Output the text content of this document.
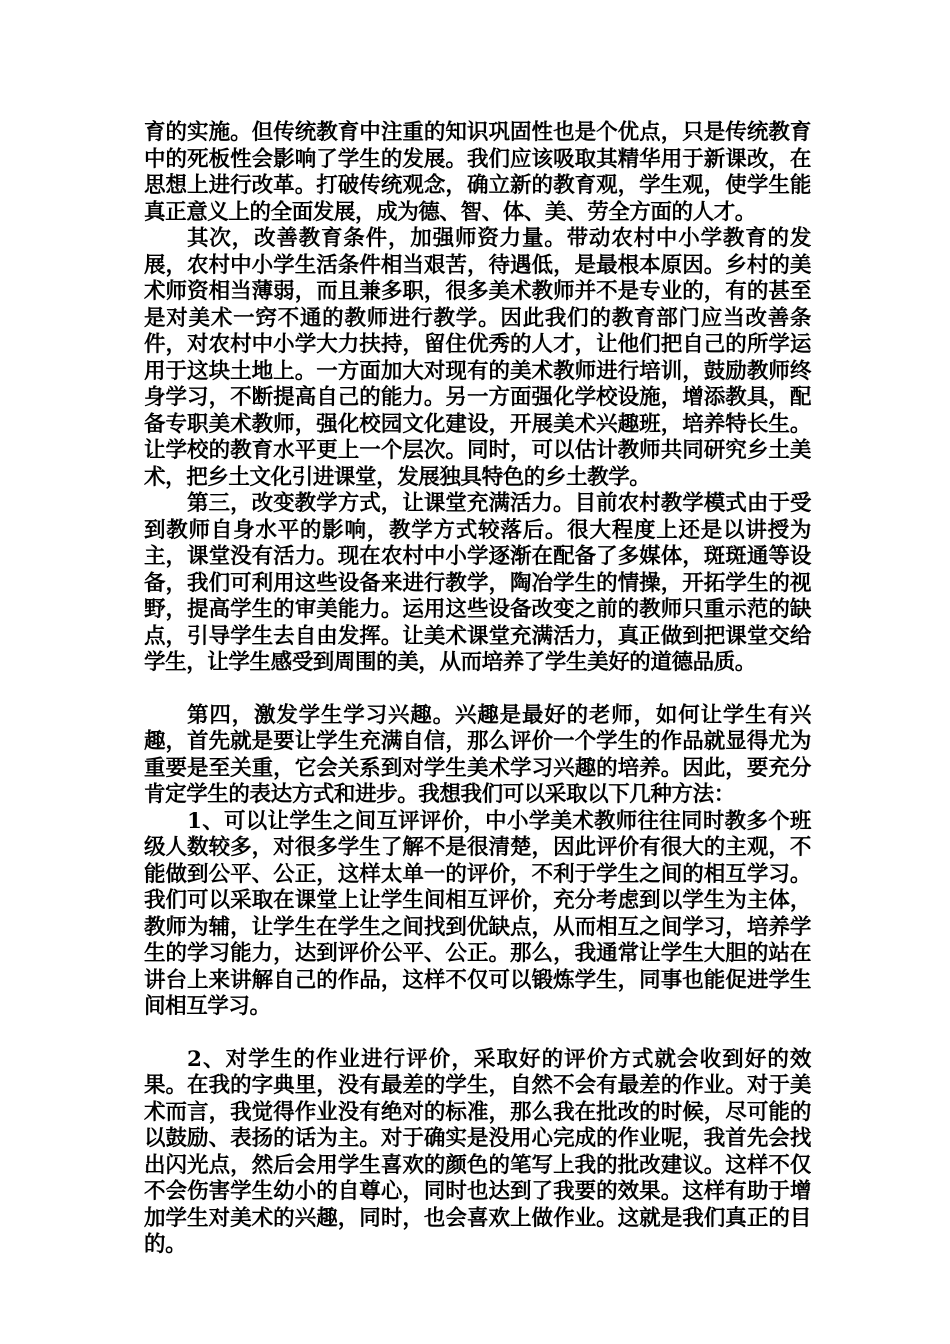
育的实施。但传统教育中注重的知识巩固性也是个优点，只是传统教育中的死板性会影响了学生的发展。我们应该吸取其精华用于新课改，在思想上进行改革。打破传统观念，确立新的教育观，学生观，使学生能真正意义上的全面发展，成为德、智、体、美、劳全方面的人才。

其次，改善教育条件，加强师资力量。带动农村中小学教育的发展，农村中小学生活条件相当艰苦，待遇低，是最根本原因。乡村的美术师资相当薄弱，而且兼多职，很多美术教师并不是专业的，有的甚至是对美术一窍不通的教师进行教学。因此我们的教育部门应当改善条件，对农村中小学大力扶持，留住优秀的人才，让他们把自己的所学运用于这块土地上。一方面加大对现有的美术教师进行培训，鼓励教师终身学习，不断提高自己的能力。另一方面强化学校设施，增添教具，配备专职美术教师，强化校园文化建设，开展美术兴趣班，培养特长生。让学校的教育水平更上一个层次。同时，可以估计教师共同研究乡土美术，把乡土文化引进课堂，发展独具特色的乡土教学。

第三，改变教学方式，让课堂充满活力。目前农村教学模式由于受到教师自身水平的影响，教学方式较落后。很大程度上还是以讲授为主，课堂没有活力。现在农村中小学逐渐在配备了多媒体，斑斑通等设备，我们可利用这些设备来进行教学，陶冶学生的情操，开拓学生的视野，提高学生的审美能力。运用这些设备改变之前的教师只重示范的缺点，引导学生去自由发挥。让美术课堂充满活力，真正做到把课堂交给学生，让学生感受到周围的美，从而培养了学生美好的道德品质。

第四，激发学生学习兴趣。兴趣是最好的老师，如何让学生有兴趣，首先就是要让学生充满自信，那么评价一个学生的作品就显得尤为重要是至关重，它会关系到对学生美术学习兴趣的培养。因此，要充分肯定学生的表达方式和进步。我想我们可以采取以下几种方法：

1、可以让学生之间互评评价，中小学美术教师往往同时教多个班级人数较多，对很多学生了解不是很清楚，因此评价有很大的主观，不能做到公平、公正，这样太单一的评价，不利于学生之间的相互学习。我们可以采取在课堂上让学生间相互评价，充分考虑到以学生为主体，教师为辅，让学生在学生之间找到优缺点，从而相互之间学习，培养学生的学习能力，达到评价公平、公正。那么，我通常让学生大胆的站在讲台上来讲解自己的作品，这样不仅可以锻炼学生，同事也能促进学生间相互学习。

2、对学生的作业进行评价，采取好的评价方式就会收到好的效果。在我的字典里，没有最差的学生，自然不会有最差的作业。对于美术而言，我觉得作业没有绝对的标准，那么我在批改的时候，尽可能的以鼓励、表扬的话为主。对于确实是没用心完成的作业呢，我首先会找出闪光点，然后会用学生喜欢的颜色的笔写上我的批改建议。这样不仅不会伤害学生幼小的自尊心，同时也达到了我要的效果。这样有助于增加学生对美术的兴趣，同时，也会喜欢上做作业。这就是我们真正的目的。
